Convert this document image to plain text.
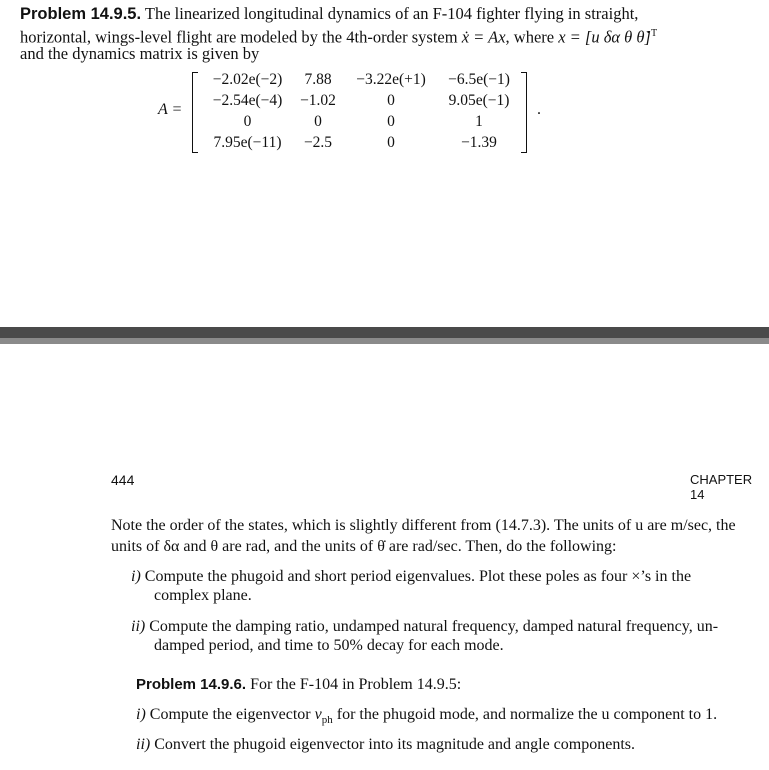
Problem 14.9.5. The linearized longitudinal dynamics of an F-104 fighter flying in straight,
horizontal, wings-level flight are modeled by the 4th-order system ẋ = Ax, where x = [u δα θ θ̇]$^T$
and the dynamics matrix is given by
A =
−2.02e(−2)	7.88	−3.22e(+1)	−6.5e(−1)
−2.54e(−4)	−1.02	0	9.05e(−1)
0	0	0	1
7.95e(−11)	−2.5	0	−1.39
.
444	CHAPTER 14
Note the order of the states, which is slightly different from (14.7.3). The units of u are m/sec, the
units of δα and θ are rad, and the units of θ̇ are rad/sec. Then, do the following:
i) Compute the phugoid and short period eigenvalues. Plot these poles as four ×’s in the
complex plane.
ii) Compute the damping ratio, undamped natural frequency, damped natural frequency, un-
damped period, and time to 50% decay for each mode.
Problem 14.9.6. For the F-104 in Problem 14.9.5:
i) Compute the eigenvector $v_{ph}$ for the phugoid mode, and normalize the u component to 1.
ii) Convert the phugoid eigenvector into its magnitude and angle components.
